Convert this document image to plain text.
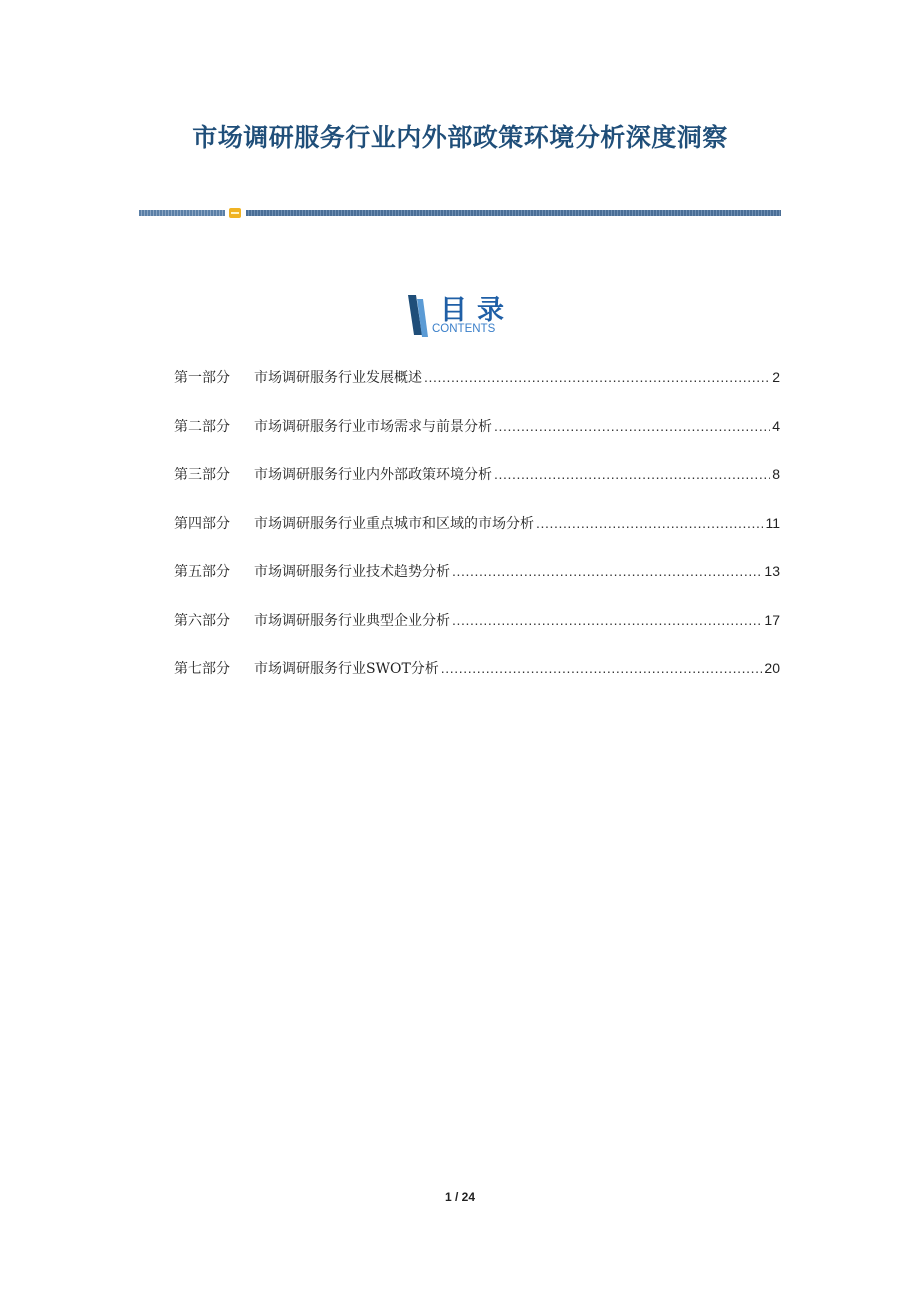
市场调研服务行业内外部政策环境分析深度洞察
目录
CONTENTS
第一部分	市场调研服务行业发展概述 .....	2
第二部分	市场调研服务行业市场需求与前景分析 .....	4
第三部分	市场调研服务行业内外部政策环境分析 .....	8
第四部分	市场调研服务行业重点城市和区域的市场分析 .....	11
第五部分	市场调研服务行业技术趋势分析 .....	13
第六部分	市场调研服务行业典型企业分析 .....	17
第七部分	市场调研服务行业SWOT分析 .....	20
1 / 24
